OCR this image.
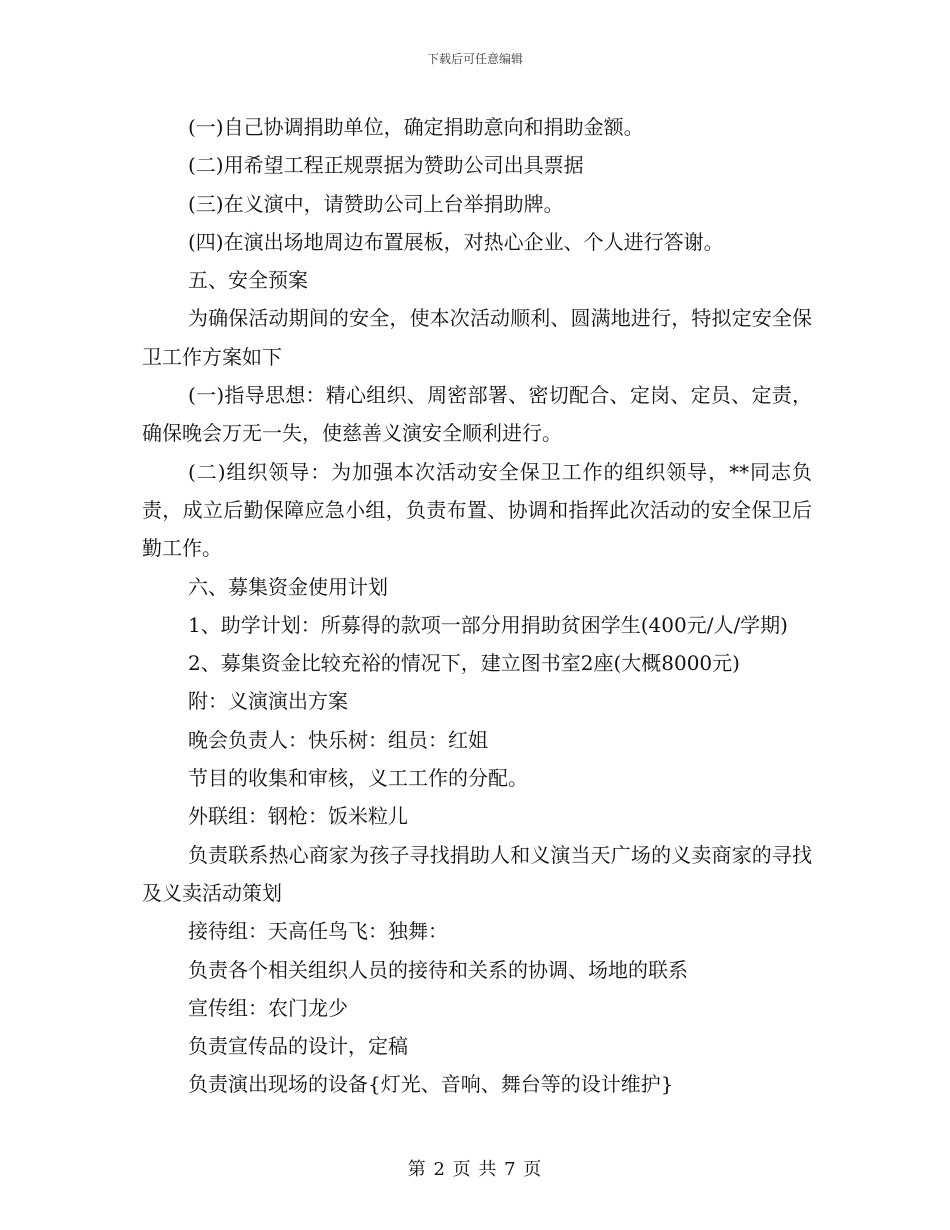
下载后可任意编辑

(一)自己协调捐助单位，确定捐助意向和捐助金额。

(二)用希望工程正规票据为赞助公司出具票据

(三)在义演中，请赞助公司上台举捐助牌。

(四)在演出场地周边布置展板，对热心企业、个人进行答谢。

五、安全预案

为确保活动期间的安全，使本次活动顺利、圆满地进行，特拟定安全保卫工作方案如下

(一)指导思想：精心组织、周密部署、密切配合、定岗、定员、定责，确保晚会万无一失，使慈善义演安全顺利进行。

(二)组织领导：为加强本次活动安全保卫工作的组织领导，**同志负责，成立后勤保障应急小组，负责布置、协调和指挥此次活动的安全保卫后勤工作。

六、募集资金使用计划

1、助学计划：所募得的款项一部分用捐助贫困学生(400元/人/学期)

2、募集资金比较充裕的情况下，建立图书室2座(大概8000元)

附：义演演出方案

晚会负责人：快乐树：组员：红姐

节目的收集和审核，义工工作的分配。

外联组：钢枪：饭米粒儿

负责联系热心商家为孩子寻找捐助人和义演当天广场的义卖商家的寻找及义卖活动策划

接待组：天高任鸟飞：独舞：

负责各个相关组织人员的接待和关系的协调、场地的联系

宣传组：农门龙少

负责宣传品的设计，定稿

负责演出现场的设备{灯光、音响、舞台等的设计维护}

第 2 页 共 7 页
